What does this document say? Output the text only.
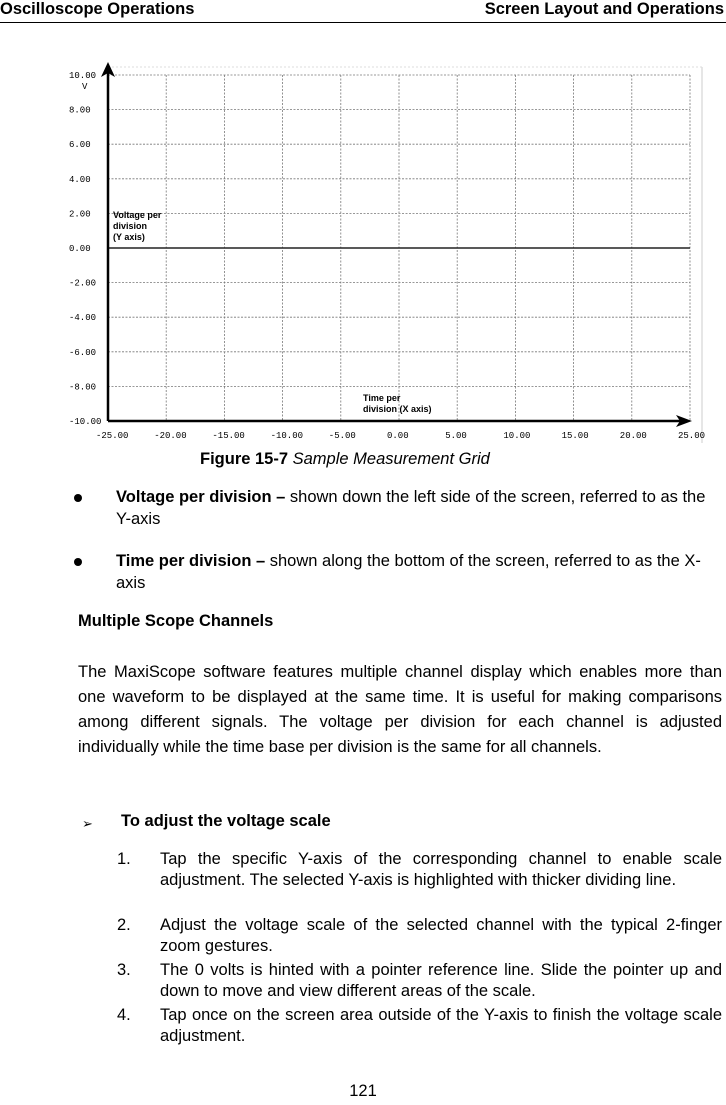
Oscilloscope Operations	Screen Layout and Operations
10.00
8.00
6.00
4.00
2.00
0.00
-2.00
-4.00
-6.00
-8.00
-10.00
V
-25.00	-20.00	-15.00	-10.00	-5.00	0.00	5.00	10.00	15.00	20.00	25.00
Voltage per
division
(Y axis)
Time per
division (X axis)
Figure 15-7 Sample Measurement Grid
Voltage per division – shown down the left side of the screen, referred to as the Y-axis
Time per division – shown along the bottom of the screen, referred to as the X-axis
Multiple Scope Channels
The MaxiScope software features multiple channel display which enables more than one waveform to be displayed at the same time. It is useful for making comparisons among different signals. The voltage per division for each channel is adjusted individually while the time base per division is the same for all channels.
➢ To adjust the voltage scale
1. Tap the specific Y-axis of the corresponding channel to enable scale adjustment. The selected Y-axis is highlighted with thicker dividing line.
2. Adjust the voltage scale of the selected channel with the typical 2-finger zoom gestures.
3. The 0 volts is hinted with a pointer reference line. Slide the pointer up and down to move and view different areas of the scale.
4. Tap once on the screen area outside of the Y-axis to finish the voltage scale adjustment.
121
